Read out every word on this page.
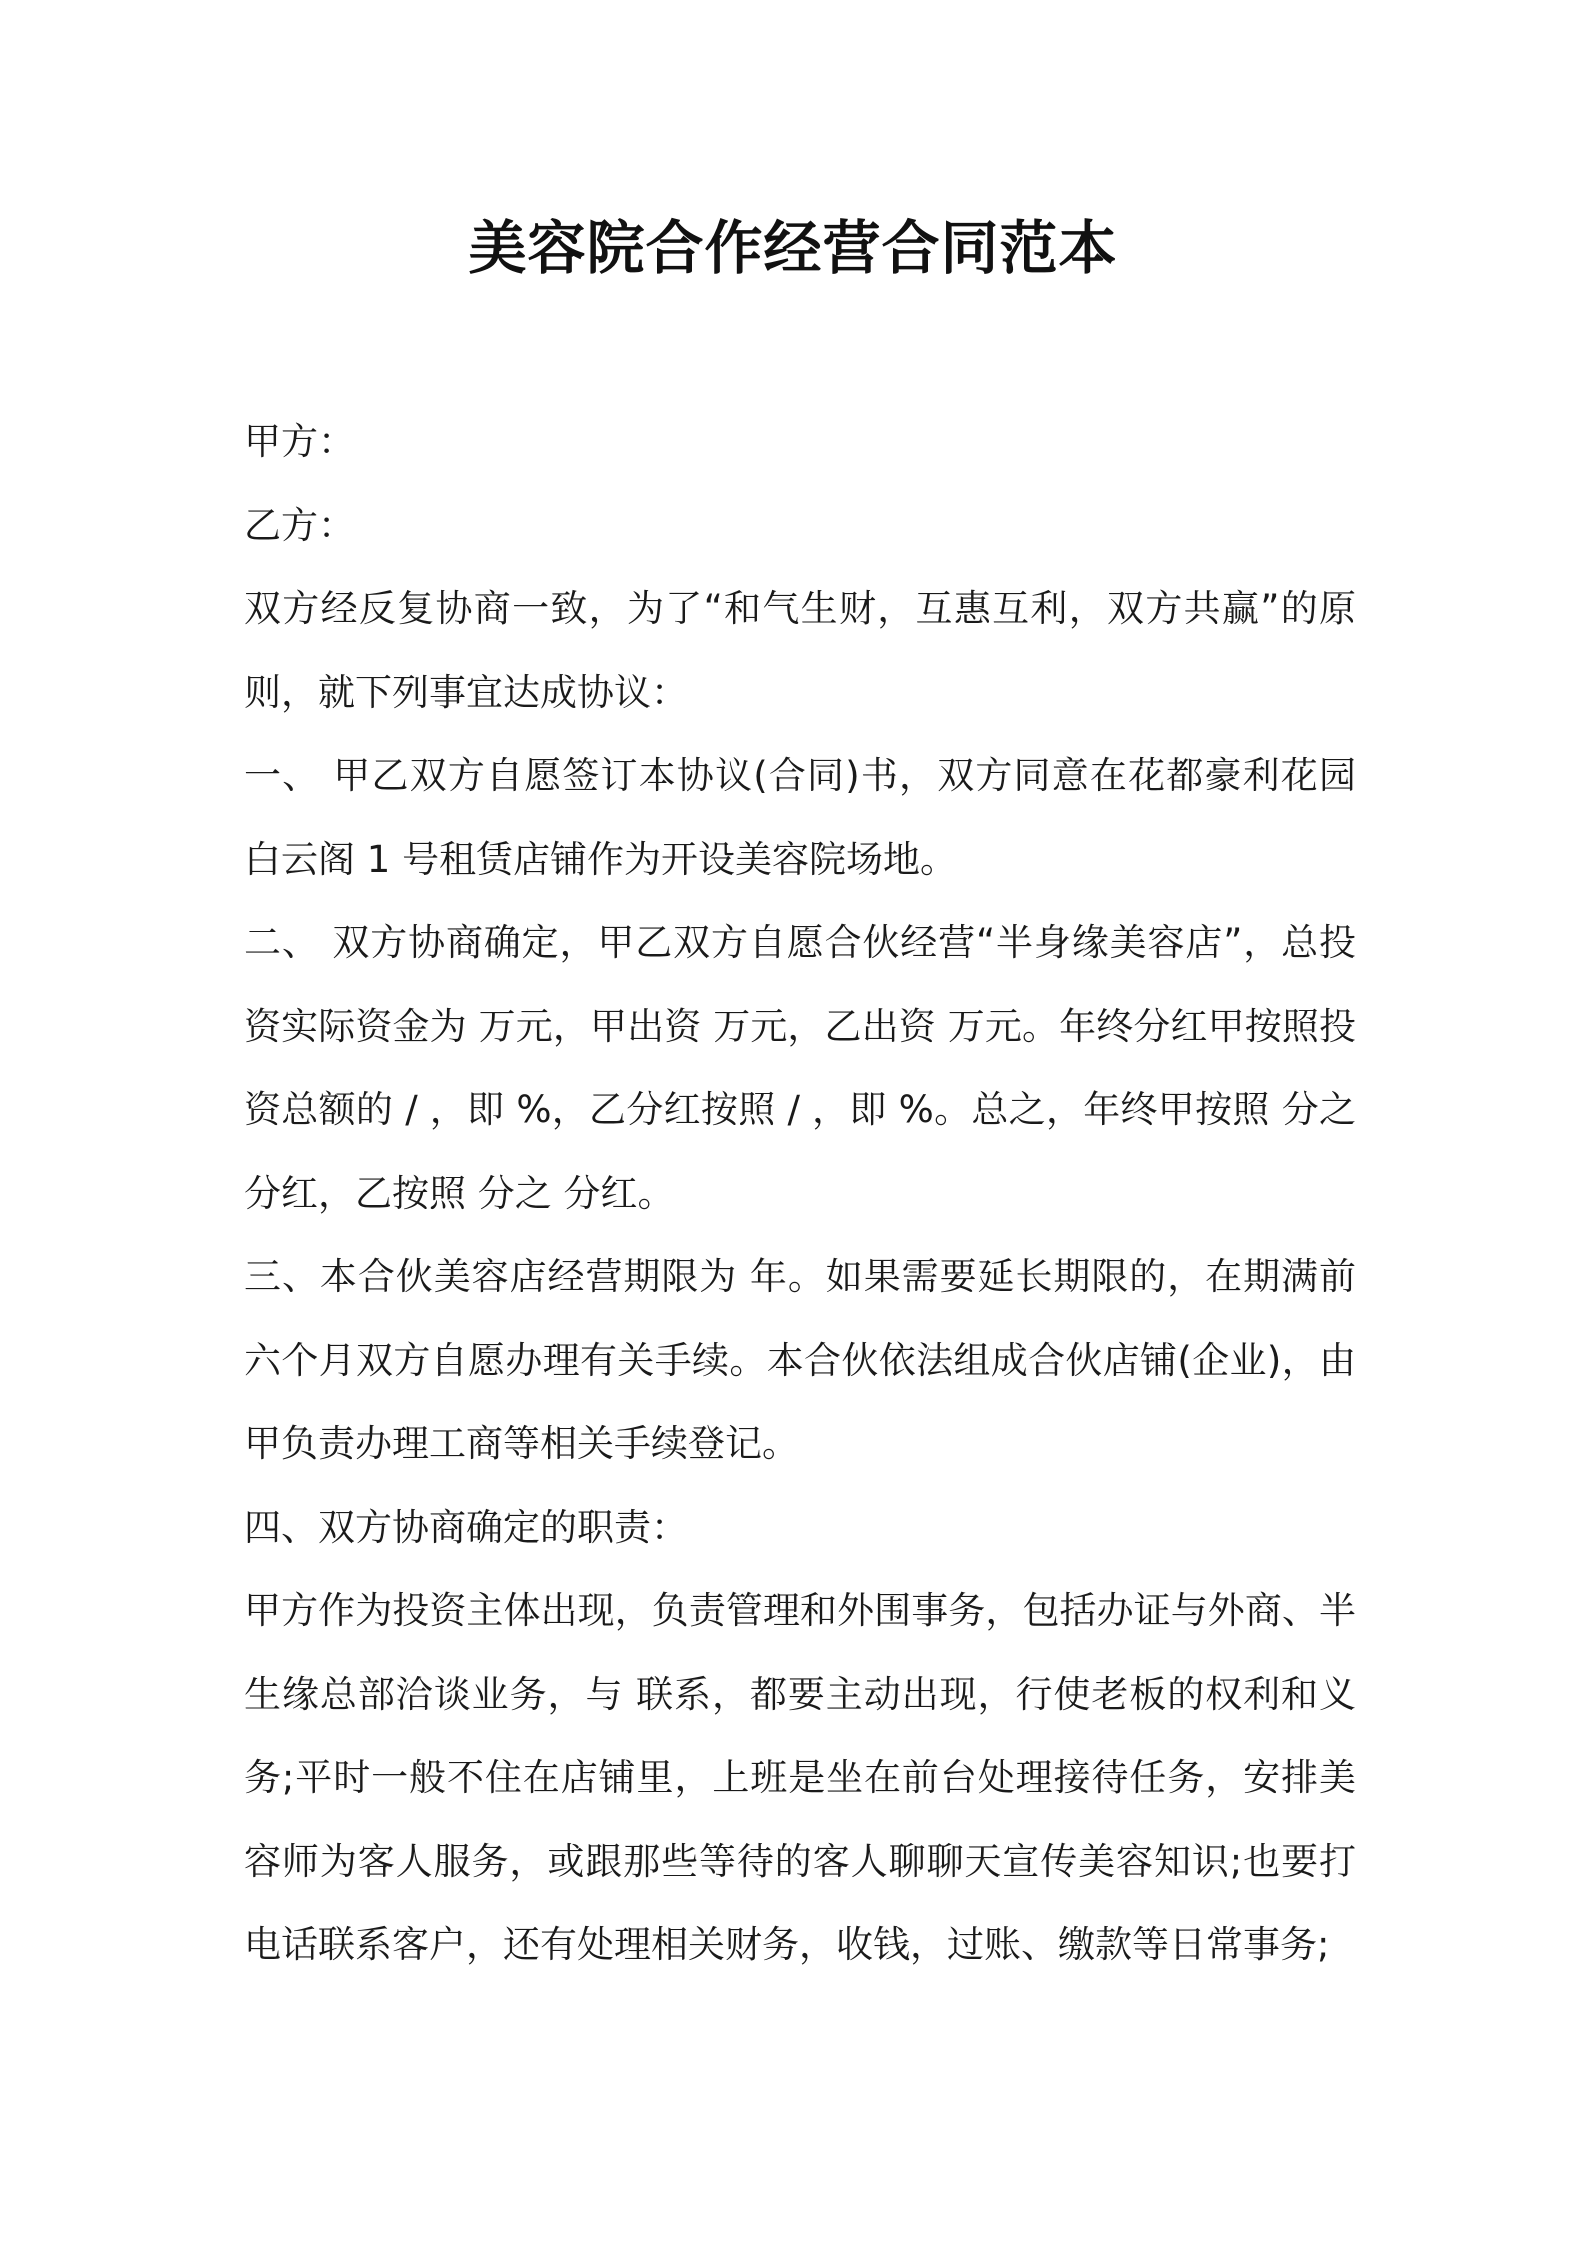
美容院合作经营合同范本

甲方：

乙方：

双方经反复协商一致，为了“和气生财，互惠互利，双方共赢”的原则，就下列事宜达成协议：

一、 甲乙双方自愿签订本协议(合同)书，双方同意在花都豪利花园白云阁 1 号租赁店铺作为开设美容院场地。

二、 双方协商确定，甲乙双方自愿合伙经营“半身缘美容店”，总投资实际资金为 万元，甲出资 万元，乙出资 万元。年终分红甲按照投资总额的 / ，即 %，乙分红按照 / ，即 %。总之，年终甲按照 分之 分红，乙按照 分之 分红。

三、本合伙美容店经营期限为 年。如果需要延长期限的，在期满前六个月双方自愿办理有关手续。本合伙依法组成合伙店铺(企业)，由甲负责办理工商等相关手续登记。

四、双方协商确定的职责：

甲方作为投资主体出现，负责管理和外围事务，包括办证与外商、半生缘总部洽谈业务，与 联系，都要主动出现，行使老板的权利和义务;平时一般不住在店铺里，上班是坐在前台处理接待任务，安排美容师为客人服务，或跟那些等待的客人聊聊天宣传美容知识;也要打电话联系客户，还有处理相关财务，收钱，过账、缴款等日常事务;
